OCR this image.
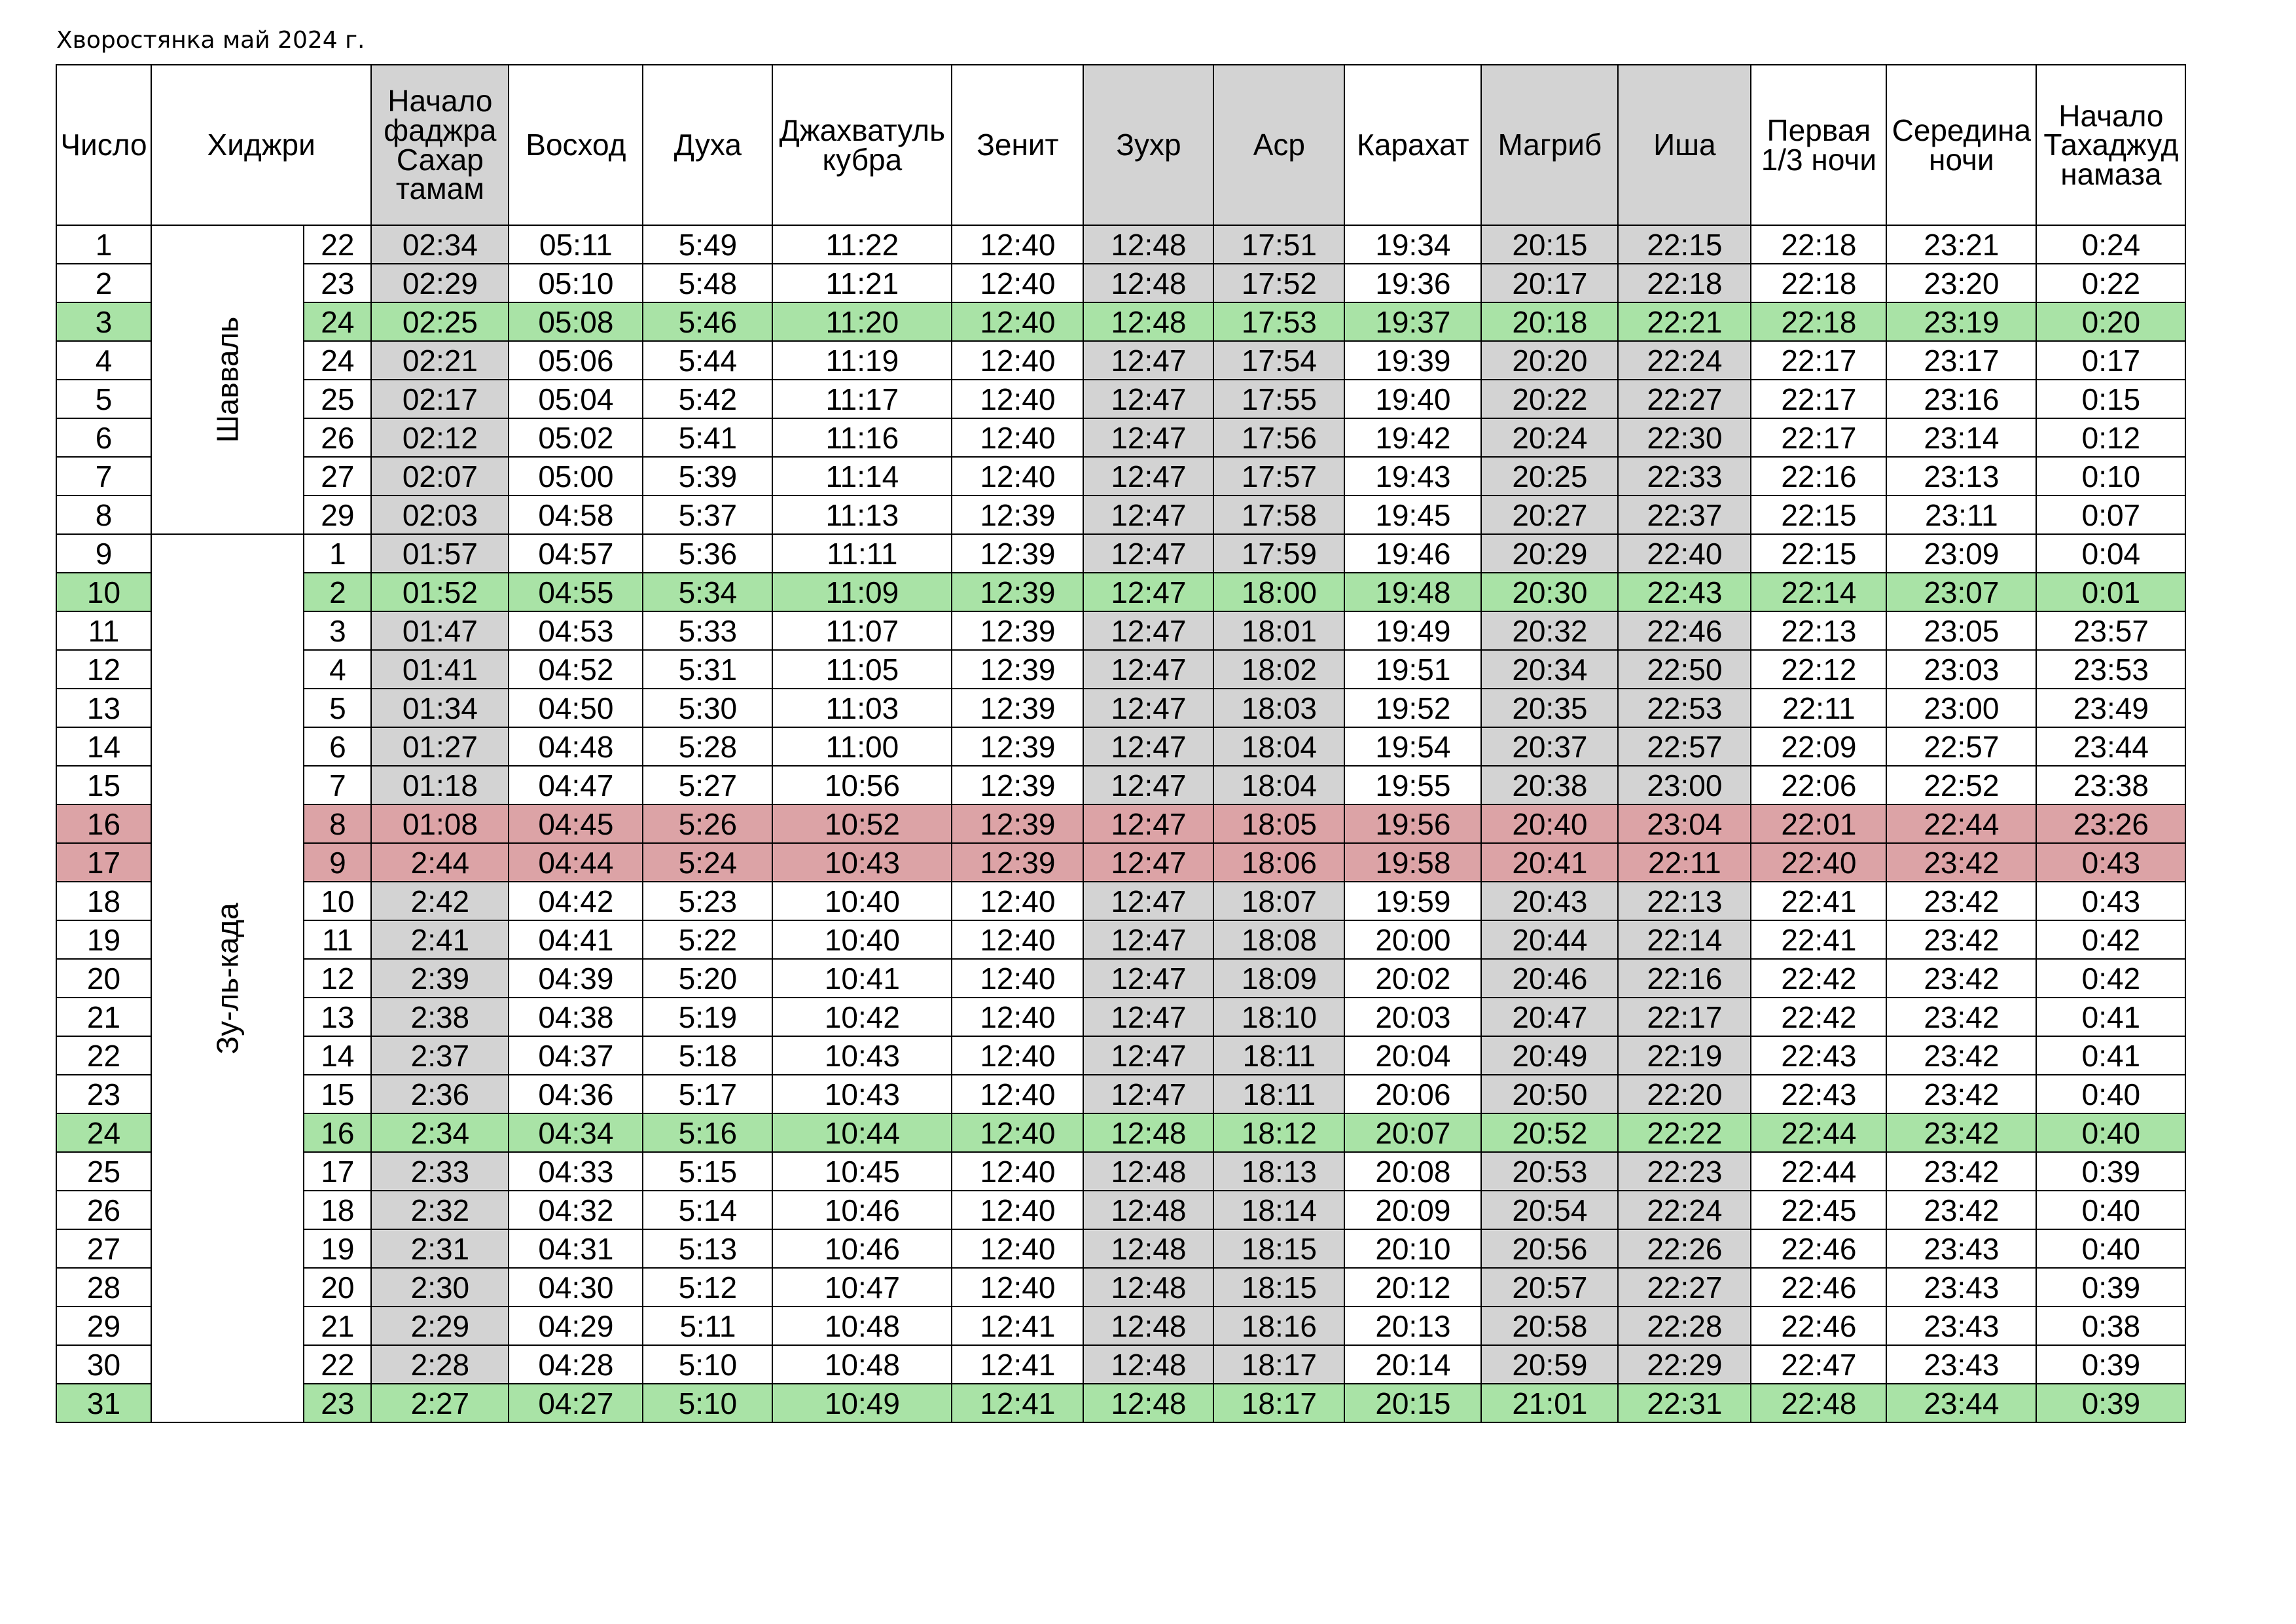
Хворостянка май 2024 г.
Число	Хиджри		Начало фаджра Сахар тамам	Восход	Духа	Джахватуль кубра	Зенит	Зухр	Аср	Карахат	Магриб	Иша	Первая 1/3 ночи	Середина ночи	Начало Тахаджуд намаза
1	Шавваль	22	02:34	05:11	5:49	11:22	12:40	12:48	17:51	19:34	20:15	22:15	22:18	23:21	0:24
2		23	02:29	05:10	5:48	11:21	12:40	12:48	17:52	19:36	20:17	22:18	22:18	23:20	0:22
3		24	02:25	05:08	5:46	11:20	12:40	12:48	17:53	19:37	20:18	22:21	22:18	23:19	0:20
4		24	02:21	05:06	5:44	11:19	12:40	12:47	17:54	19:39	20:20	22:24	22:17	23:17	0:17
5		25	02:17	05:04	5:42	11:17	12:40	12:47	17:55	19:40	20:22	22:27	22:17	23:16	0:15
6		26	02:12	05:02	5:41	11:16	12:40	12:47	17:56	19:42	20:24	22:30	22:17	23:14	0:12
7		27	02:07	05:00	5:39	11:14	12:40	12:47	17:57	19:43	20:25	22:33	22:16	23:13	0:10
8		29	02:03	04:58	5:37	11:13	12:39	12:47	17:58	19:45	20:27	22:37	22:15	23:11	0:07
9	Зу-ль-када	1	01:57	04:57	5:36	11:11	12:39	12:47	17:59	19:46	20:29	22:40	22:15	23:09	0:04
10		2	01:52	04:55	5:34	11:09	12:39	12:47	18:00	19:48	20:30	22:43	22:14	23:07	0:01
11		3	01:47	04:53	5:33	11:07	12:39	12:47	18:01	19:49	20:32	22:46	22:13	23:05	23:57
12		4	01:41	04:52	5:31	11:05	12:39	12:47	18:02	19:51	20:34	22:50	22:12	23:03	23:53
13		5	01:34	04:50	5:30	11:03	12:39	12:47	18:03	19:52	20:35	22:53	22:11	23:00	23:49
14		6	01:27	04:48	5:28	11:00	12:39	12:47	18:04	19:54	20:37	22:57	22:09	22:57	23:44
15		7	01:18	04:47	5:27	10:56	12:39	12:47	18:04	19:55	20:38	23:00	22:06	22:52	23:38
16		8	01:08	04:45	5:26	10:52	12:39	12:47	18:05	19:56	20:40	23:04	22:01	22:44	23:26
17		9	2:44	04:44	5:24	10:43	12:39	12:47	18:06	19:58	20:41	22:11	22:40	23:42	0:43
18		10	2:42	04:42	5:23	10:40	12:40	12:47	18:07	19:59	20:43	22:13	22:41	23:42	0:43
19		11	2:41	04:41	5:22	10:40	12:40	12:47	18:08	20:00	20:44	22:14	22:41	23:42	0:42
20		12	2:39	04:39	5:20	10:41	12:40	12:47	18:09	20:02	20:46	22:16	22:42	23:42	0:42
21		13	2:38	04:38	5:19	10:42	12:40	12:47	18:10	20:03	20:47	22:17	22:42	23:42	0:41
22		14	2:37	04:37	5:18	10:43	12:40	12:47	18:11	20:04	20:49	22:19	22:43	23:42	0:41
23		15	2:36	04:36	5:17	10:43	12:40	12:47	18:11	20:06	20:50	22:20	22:43	23:42	0:40
24		16	2:34	04:34	5:16	10:44	12:40	12:48	18:12	20:07	20:52	22:22	22:44	23:42	0:40
25		17	2:33	04:33	5:15	10:45	12:40	12:48	18:13	20:08	20:53	22:23	22:44	23:42	0:39
26		18	2:32	04:32	5:14	10:46	12:40	12:48	18:14	20:09	20:54	22:24	22:45	23:42	0:40
27		19	2:31	04:31	5:13	10:46	12:40	12:48	18:15	20:10	20:56	22:26	22:46	23:43	0:40
28		20	2:30	04:30	5:12	10:47	12:40	12:48	18:15	20:12	20:57	22:27	22:46	23:43	0:39
29		21	2:29	04:29	5:11	10:48	12:41	12:48	18:16	20:13	20:58	22:28	22:46	23:43	0:38
30		22	2:28	04:28	5:10	10:48	12:41	12:48	18:17	20:14	20:59	22:29	22:47	23:43	0:39
31		23	2:27	04:27	5:10	10:49	12:41	12:48	18:17	20:15	21:01	22:31	22:48	23:44	0:39
